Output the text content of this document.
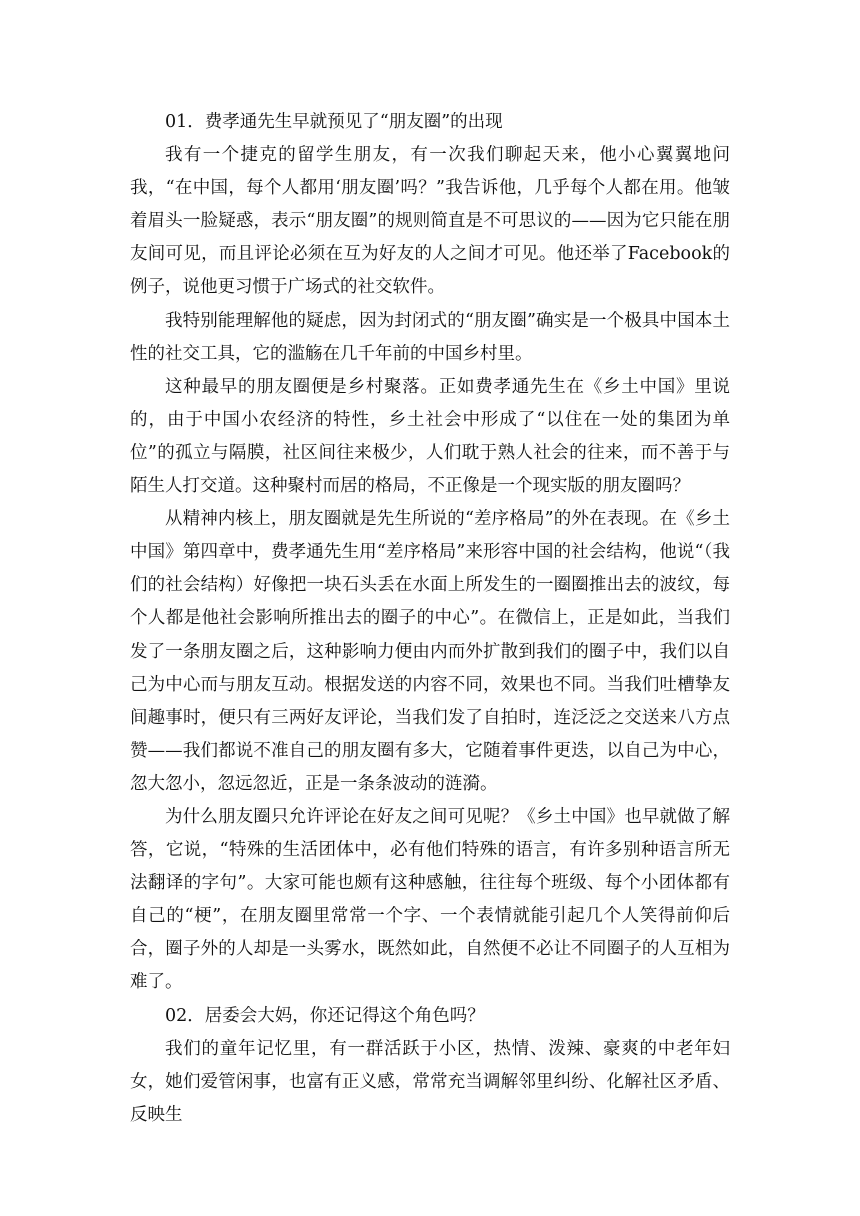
01．费孝通先生早就预见了“朋友圈”的出现

我有一个捷克的留学生朋友，有一次我们聊起天来，他小心翼翼地问我，“在中国，每个人都用‘朋友圈’吗？”我告诉他，几乎每个人都在用。他皱着眉头一脸疑惑，表示“朋友圈”的规则简直是不可思议的——因为它只能在朋友间可见，而且评论必须在互为好友的人之间才可见。他还举了Facebook的例子，说他更习惯于广场式的社交软件。

我特别能理解他的疑虑，因为封闭式的“朋友圈”确实是一个极具中国本土性的社交工具，它的滥觞在几千年前的中国乡村里。

这种最早的朋友圈便是乡村聚落。正如费孝通先生在《乡土中国》里说的，由于中国小农经济的特性，乡土社会中形成了“以住在一处的集团为单位”的孤立与隔膜，社区间往来极少，人们耽于熟人社会的往来，而不善于与陌生人打交道。这种聚村而居的格局，不正像是一个现实版的朋友圈吗？

从精神内核上，朋友圈就是先生所说的“差序格局”的外在表现。在《乡土中国》第四章中，费孝通先生用“差序格局”来形容中国的社会结构，他说“（我们的社会结构）好像把一块石头丢在水面上所发生的一圈圈推出去的波纹，每个人都是他社会影响所推出去的圈子的中心”。在微信上，正是如此，当我们发了一条朋友圈之后，这种影响力便由内而外扩散到我们的圈子中，我们以自己为中心而与朋友互动。根据发送的内容不同，效果也不同。当我们吐槽挚友间趣事时，便只有三两好友评论，当我们发了自拍时，连泛泛之交送来八方点赞——我们都说不准自己的朋友圈有多大，它随着事件更迭，以自己为中心，忽大忽小，忽远忽近，正是一条条波动的涟漪。

为什么朋友圈只允许评论在好友之间可见呢？《乡土中国》也早就做了解答，它说，“特殊的生活团体中，必有他们特殊的语言，有许多别种语言所无法翻译的字句”。大家可能也颇有这种感触，往往每个班级、每个小团体都有自己的“梗”，在朋友圈里常常一个字、一个表情就能引起几个人笑得前仰后合，圈子外的人却是一头雾水，既然如此，自然便不必让不同圈子的人互相为难了。

02．居委会大妈，你还记得这个角色吗？

我们的童年记忆里，有一群活跃于小区，热情、泼辣、豪爽的中老年妇女，她们爱管闲事，也富有正义感，常常充当调解邻里纠纷、化解社区矛盾、反映生
